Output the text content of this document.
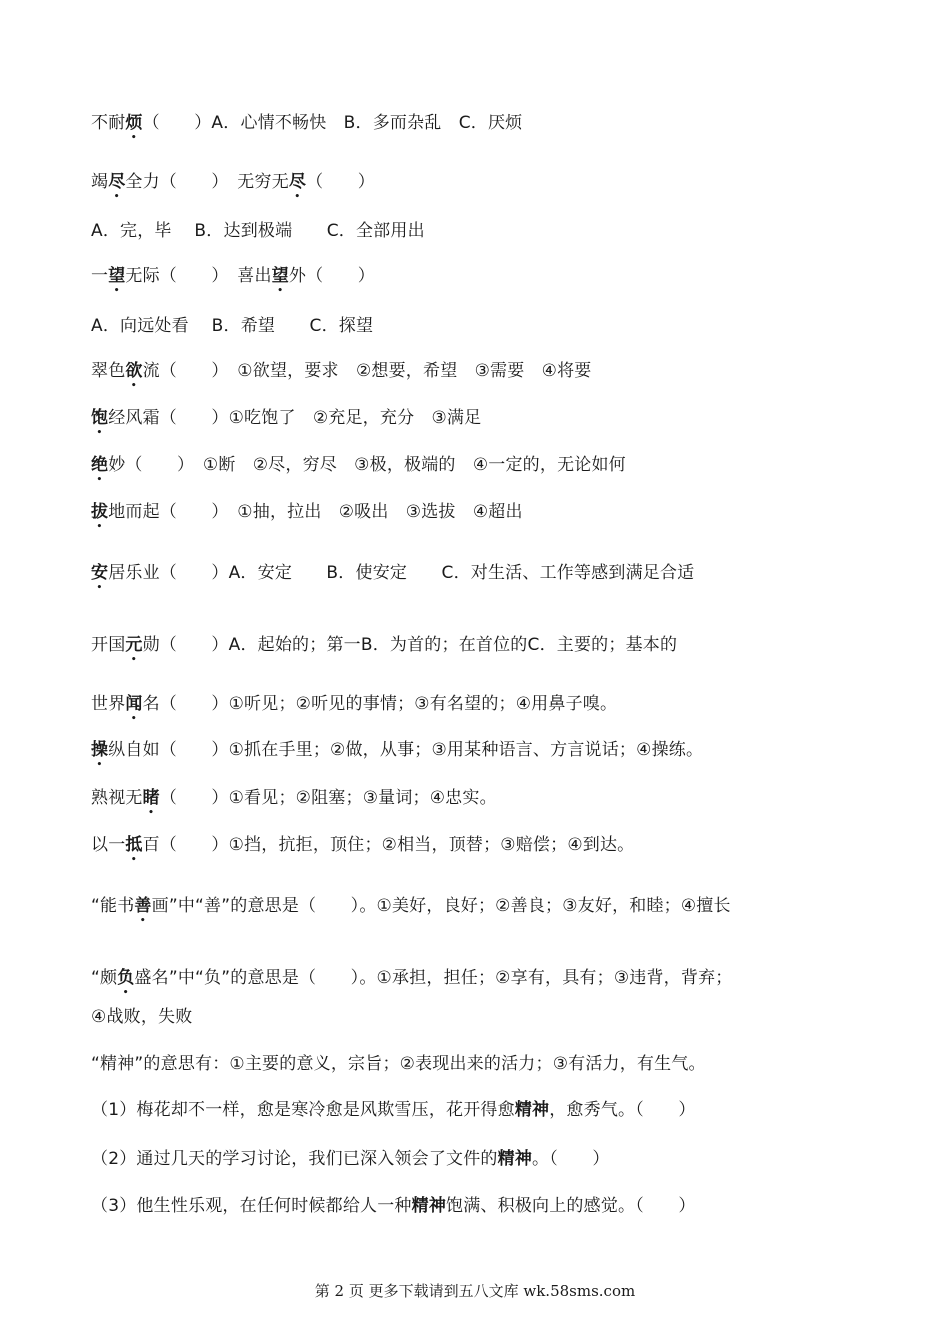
不耐烦（　　）A．心情不畅快　B．多而杂乱　C．厌烦
竭尽全力（　　）　无穷无尽（　　）
A．完，毕　 B．达到极端　　C．全部用出
一望无际（　　）　喜出望外（　　）
A．向远处看　 B．希望　　C．探望
翠色欲流（　　）　①欲望，要求　②想要，希望　③需要　④将要
饱经风霜（　　）①吃饱了　②充足，充分　③满足
绝妙（　　）　①断　②尽，穷尽　③极，极端的　④一定的，无论如何
拔地而起（　　）　①抽，拉出　②吸出　③选拔　④超出
安居乐业（　　）A．安定　　B．使安定　　C．对生活、工作等感到满足合适
开国元勋（　　）A．起始的；第一B．为首的；在首位的C．主要的；基本的
世界闻名（　　）①听见；②听见的事情；③有名望的；④用鼻子嗅。
操纵自如（　　）①抓在手里；②做，从事；③用某种语言、方言说话；④操练。
熟视无睹（　　）①看见；②阻塞；③量词；④忠实。
以一抵百（　　）①挡，抗拒，顶住；②相当，顶替；③赔偿；④到达。
“能书善画”中“善”的意思是（　　）。①美好，良好；②善良；③友好，和睦；④擅长
“颇负盛名”中“负”的意思是（　　）。①承担，担任；②享有，具有；③违背，背弃；
④战败，失败
“精神”的意思有：①主要的意义，宗旨；②表现出来的活力；③有活力，有生气。
（1）梅花却不一样，愈是寒冷愈是风欺雪压，花开得愈精神，愈秀气。（　　）
（2）通过几天的学习讨论，我们已深入领会了文件的精神。（　　）
（3）他生性乐观，在任何时候都给人一种精神饱满、积极向上的感觉。（　　）
第 2 页 更多下载请到五八文库 wk.58sms.com
